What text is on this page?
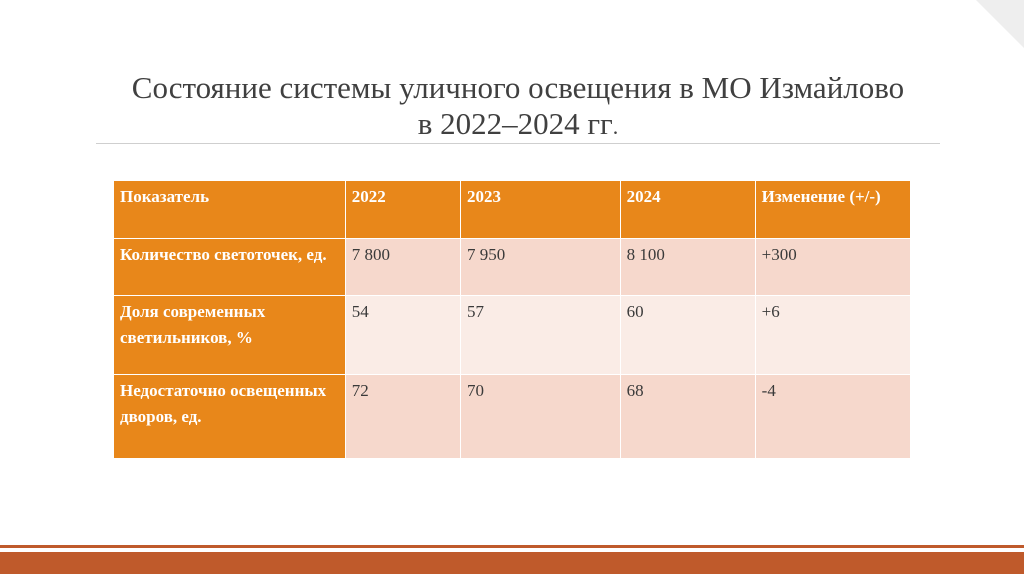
Состояние системы уличного освещения в МО Измайлово
в 2022–2024 гг.
Показатель	2022	2023	2024	Изменение (+/-)
Количество светоточек, ед.	7 800	7 950	8 100	+300
Доля современных светильников, %	54	57	60	+6
Недостаточно освещенных дворов, ед.	72	70	68	-4
